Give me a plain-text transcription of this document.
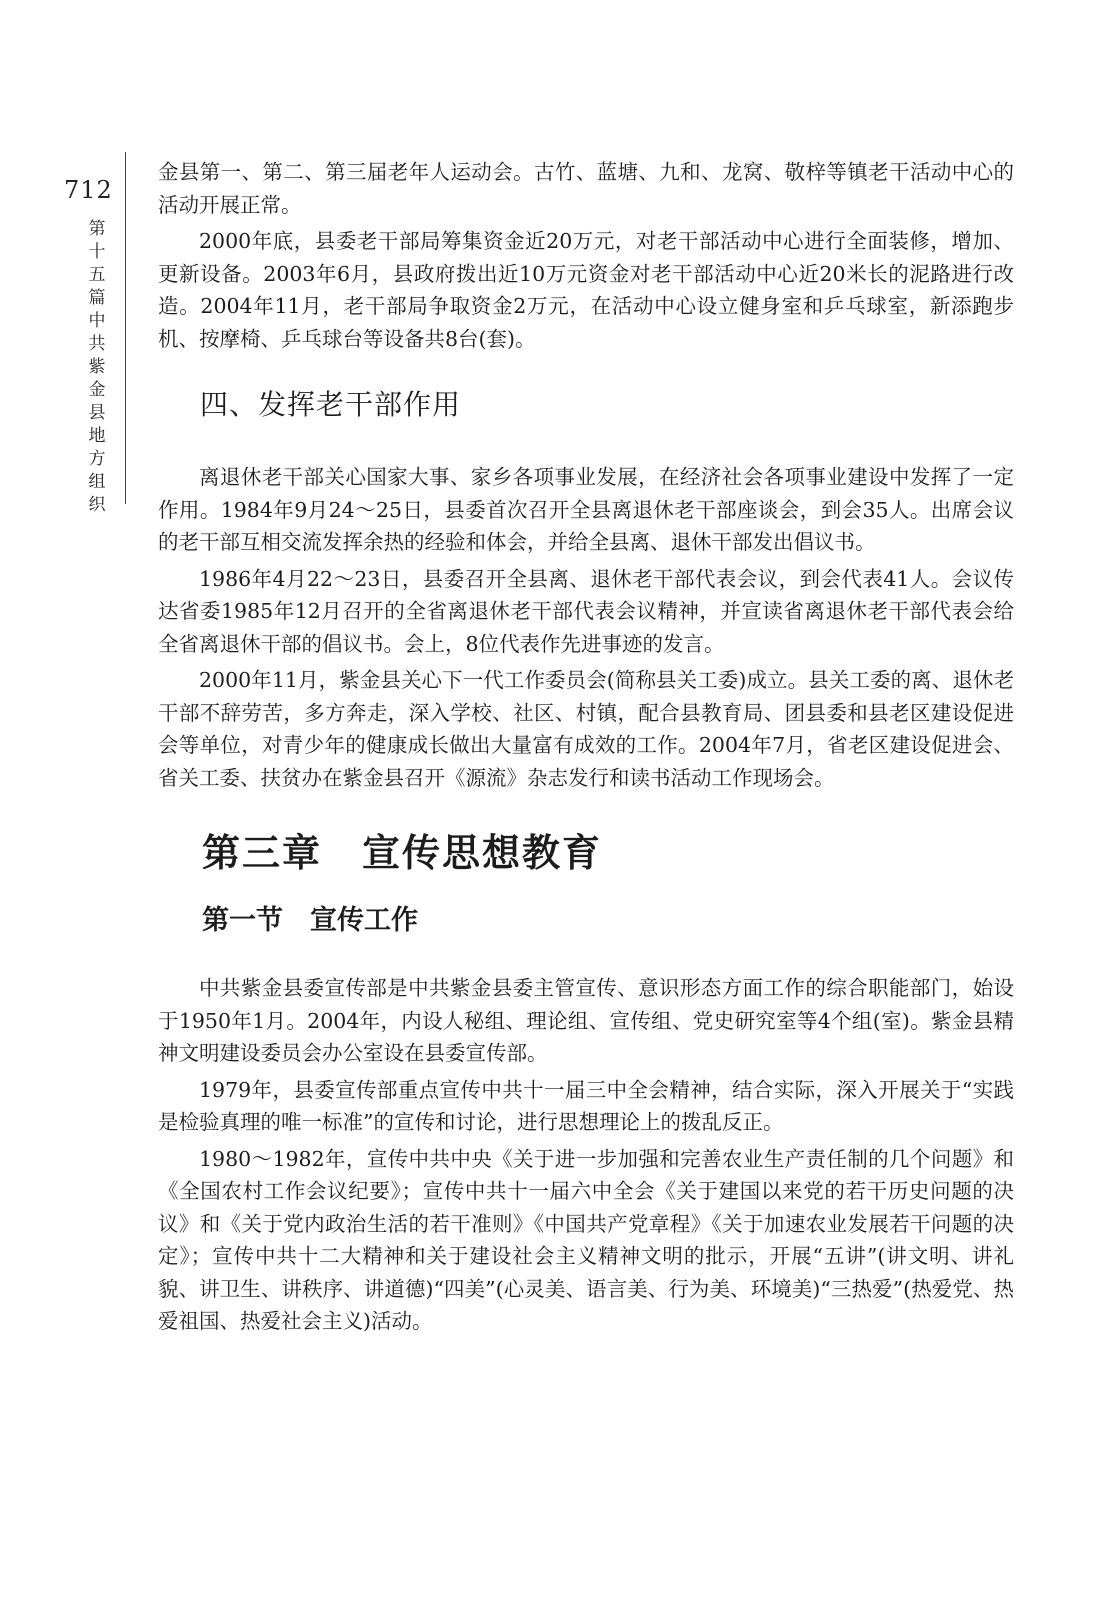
712
第十五篇 中共紫金县地方组织

金县第一、第二、第三届老年人运动会。古竹、蓝塘、九和、龙窝、敬梓等镇老干活动中心的活动开展正常。

2000年底，县委老干部局筹集资金近20万元，对老干部活动中心进行全面装修，增加、更新设备。2003年6月，县政府拨出近10万元资金对老干部活动中心近20米长的泥路进行改造。2004年11月，老干部局争取资金2万元，在活动中心设立健身室和乒乓球室，新添跑步机、按摩椅、乒乓球台等设备共8台(套)。

四、发挥老干部作用

离退休老干部关心国家大事、家乡各项事业发展，在经济社会各项事业建设中发挥了一定作用。1984年9月24～25日，县委首次召开全县离退休老干部座谈会，到会35人。出席会议的老干部互相交流发挥余热的经验和体会，并给全县离、退休干部发出倡议书。

1986年4月22～23日，县委召开全县离、退休老干部代表会议，到会代表41人。会议传达省委1985年12月召开的全省离退休老干部代表会议精神，并宣读省离退休老干部代表会给全省离退休干部的倡议书。会上，8位代表作先进事迹的发言。

2000年11月，紫金县关心下一代工作委员会(简称县关工委)成立。县关工委的离、退休老干部不辞劳苦，多方奔走，深入学校、社区、村镇，配合县教育局、团县委和县老区建设促进会等单位，对青少年的健康成长做出大量富有成效的工作。2004年7月，省老区建设促进会、省关工委、扶贫办在紫金县召开《源流》杂志发行和读书活动工作现场会。

第三章　宣传思想教育
第一节　宣传工作

中共紫金县委宣传部是中共紫金县委主管宣传、意识形态方面工作的综合职能部门，始设于1950年1月。2004年，内设人秘组、理论组、宣传组、党史研究室等4个组(室)。紫金县精神文明建设委员会办公室设在县委宣传部。

1979年，县委宣传部重点宣传中共十一届三中全会精神，结合实际，深入开展关于“实践是检验真理的唯一标准”的宣传和讨论，进行思想理论上的拨乱反正。

1980～1982年，宣传中共中央《关于进一步加强和完善农业生产责任制的几个问题》和《全国农村工作会议纪要》；宣传中共十一届六中全会《关于建国以来党的若干历史问题的决议》和《关于党内政治生活的若干准则》《中国共产党章程》《关于加速农业发展若干问题的决定》；宣传中共十二大精神和关于建设社会主义精神文明的批示，开展“五讲”(讲文明、讲礼貌、讲卫生、讲秩序、讲道德)“四美”(心灵美、语言美、行为美、环境美)“三热爱”(热爱党、热爱祖国、热爱社会主义)活动。
